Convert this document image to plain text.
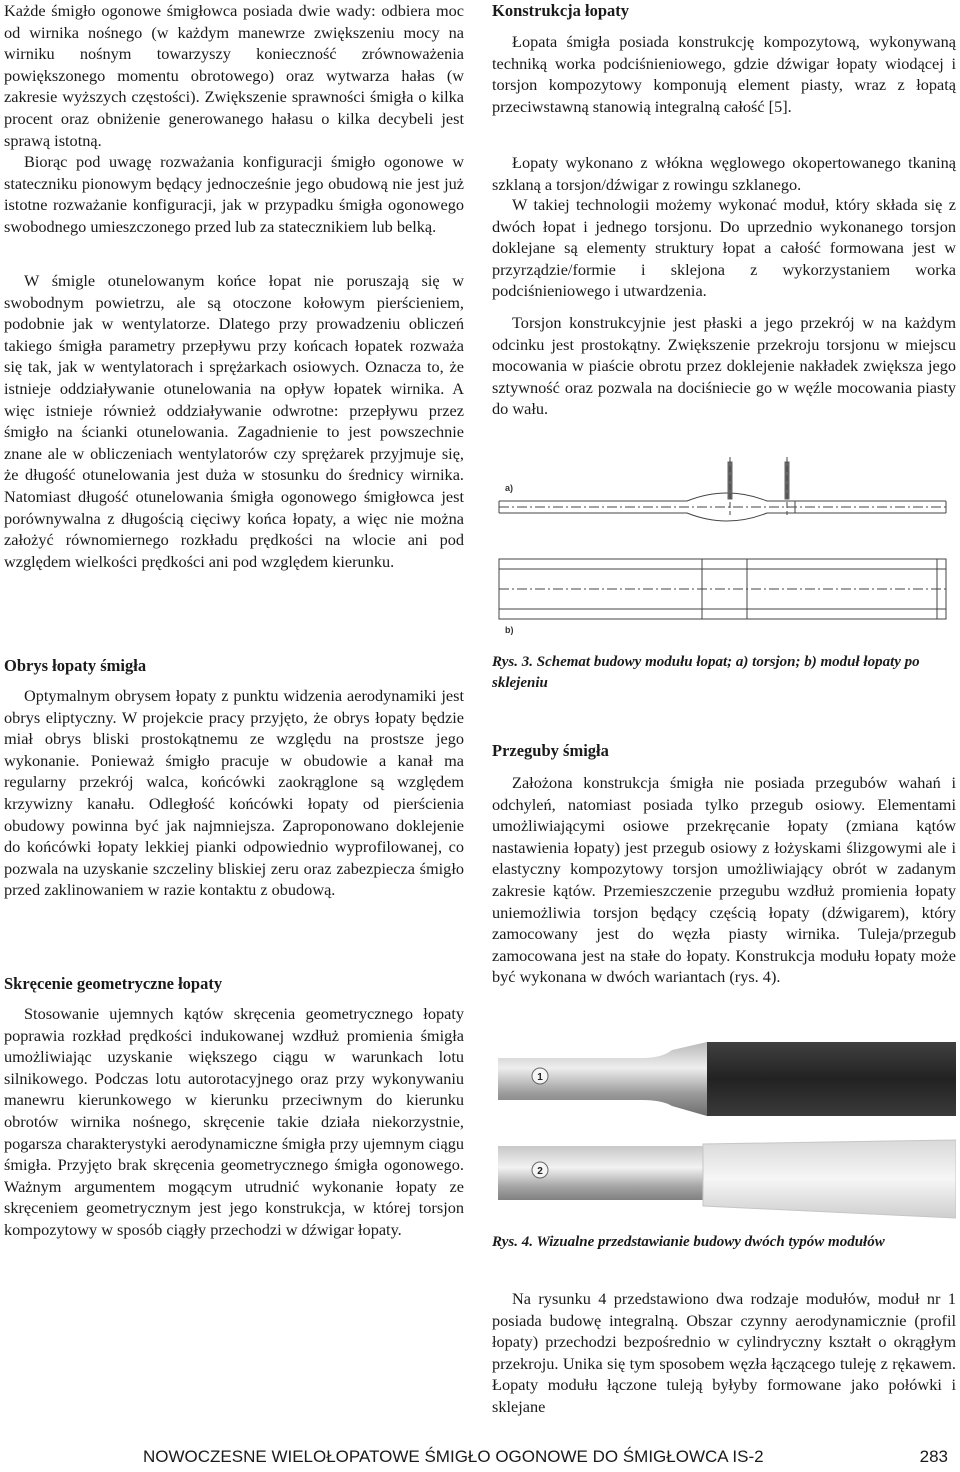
Każde śmigło ogonowe śmigłowca posiada dwie wady: odbiera moc od wirnika nośnego (w każdym manewrze zwiększeniu mocy na wirniku nośnym towarzyszy konieczność zrównoważenia powiększonego momentu obrotowego) oraz wytwarza hałas (w zakresie wyższych częstości). Zwiększenie sprawności śmigła o kilka procent oraz obniżenie generowanego hałasu o kilka decybeli jest sprawą istotną.

Biorąc pod uwagę rozważania konfiguracji śmigło ogonowe w stateczniku pionowym będący jednocześnie jego obudową nie jest już istotne rozważanie konfiguracji, jak w przypadku śmigła ogonowego swobodnego umieszczonego przed lub za statecznikiem lub belką.

W śmigle otunelowanym końce łopat nie poruszają się w swobodnym powietrzu, ale są otoczone kołowym pierścieniem, podobnie jak w wentylatorze. Dlatego przy prowadzeniu obliczeń takiego śmigła parametry przepływu przy końcach łopatek rozważa się tak, jak w wentylatorach i sprężarkach osiowych. Oznacza to, że istnieje oddziaływanie otunelowania na opływ łopatek wirnika. A więc istnieje również oddziaływanie odwrotne: przepływu przez śmigło na ścianki otunelowania. Zagadnienie to jest powszechnie znane ale w obliczeniach wentylatorów czy sprężarek przyjmuje się, że długość otunelowania jest duża w stosunku do średnicy wirnika. Natomiast długość otunelowania śmigła ogonowego śmigłowca jest porównywalna z długością cięciwy końca łopaty, a więc nie można założyć równomiernego rozkładu prędkości na wlocie ani pod względem wielkości prędkości ani pod względem kierunku.

Obrys łopaty śmigła

Optymalnym obrysem łopaty z punktu widzenia aerodynamiki jest obrys eliptyczny. W projekcie pracy przyjęto, że obrys łopaty będzie miał obrys bliski prostokątnemu ze względu na prostsze jego wykonanie. Ponieważ śmigło pracuje w obudowie a kanał ma regularny przekrój walca, końcówki zaokrąglone są względem krzywizny kanału. Odległość końcówki łopaty od pierścienia obudowy powinna być jak najmniejsza. Zaproponowano doklejenie do końcówki łopaty lekkiej pianki odpowiednio wyprofilowanej, co pozwala na uzyskanie szczeliny bliskiej zeru oraz zabezpiecza śmigło przed zaklinowaniem w razie kontaktu z obudową.

Skręcenie geometryczne łopaty

Stosowanie ujemnych kątów skręcenia geometrycznego łopaty poprawia rozkład prędkości indukowanej wzdłuż promienia śmigła umożliwiając uzyskanie większego ciągu w warunkach lotu silnikowego. Podczas lotu autorotacyjnego oraz przy wykonywaniu manewru kierunkowego w kierunku przeciwnym do kierunku obrotów wirnika nośnego, skręcenie takie działa niekorzystnie, pogarsza charakterystyki aerodynamiczne śmigła przy ujemnym ciągu śmigła. Przyjęto brak skręcenia geometrycznego śmigła ogonowego. Ważnym argumentem mogącym utrudnić wykonanie łopaty ze skręceniem geometrycznym jest jego konstrukcja, w której torsjon kompozytowy w sposób ciągły przechodzi w dźwigar łopaty.

Konstrukcja łopaty

Łopata śmigła posiada konstrukcję kompozytową, wykonywaną techniką worka podciśnieniowego, gdzie dźwigar łopaty wiodącej i torsjon kompozytowy komponują element piasty, wraz z łopatą przeciwstawną stanowią integralną całość [5].

Łopaty wykonano z włókna węglowego okopertowanego tkaniną szklaną a torsjon/dźwigar z rowingu szklanego.

W takiej technologii możemy wykonać moduł, który składa się z dwóch łopat i jednego torsjonu. Do uprzednio wykonanego torsjon doklejane są elementy struktury łopat a całość formowana jest w przyrządzie/formie i sklejona z wykorzystaniem worka podciśnieniowego i utwardzenia.

Torsjon konstrukcyjnie jest płaski a jego przekrój w na każdym odcinku jest prostokątny. Zwiększenie przekroju torsjonu w miejscu mocowania w piaście obrotu przez doklejenie nakładek zwiększa jego sztywność oraz pozwala na dociśniecie go w węźle mocowania piasty do wału.

a)
b)
Rys. 3. Schemat budowy modułu łopat; a) torsjon; b) moduł łopaty po sklejeniu
Przeguby śmigła

Założona konstrukcja śmigła nie posiada przegubów wahań i odchyleń, natomiast posiada tylko przegub osiowy. Elementami umożliwiającymi osiowe przekręcanie łopaty (zmiana kątów nastawienia łopaty) jest przegub osiowy z łożyskami ślizgowymi ale i elastyczny kompozytowy torsjon umożliwiający obrót w zadanym zakresie kątów. Przemieszczenie przegubu wzdłuż promienia łopaty uniemożliwia torsjon będący częścią łopaty (dźwigarem), który zamocowany jest do węzła piasty wirnika. Tuleja/przegub zamocowana jest na stałe do łopaty. Konstrukcja modułu łopaty może być wykonana w dwóch wariantach (rys. 4).

1
2
Rys. 4. Wizualne przedstawianie budowy dwóch typów modułów

Na rysunku 4 przedstawiono dwa rodzaje modułów, moduł nr 1 posiada budowę integralną. Obszar czynny aerodynamicznie (profil łopaty) przechodzi bezpośrednio w cylindryczny kształt o okrągłym przekroju. Unika się tym sposobem węzła łączącego tuleję z rękawem. Łopaty modułu łączone tuleją byłyby formowane jako połówki i sklejane

NOWOCZESNE WIELOŁOPATOWE ŚMIGŁO OGONOWE DO ŚMIGŁOWCA IS-2	283
